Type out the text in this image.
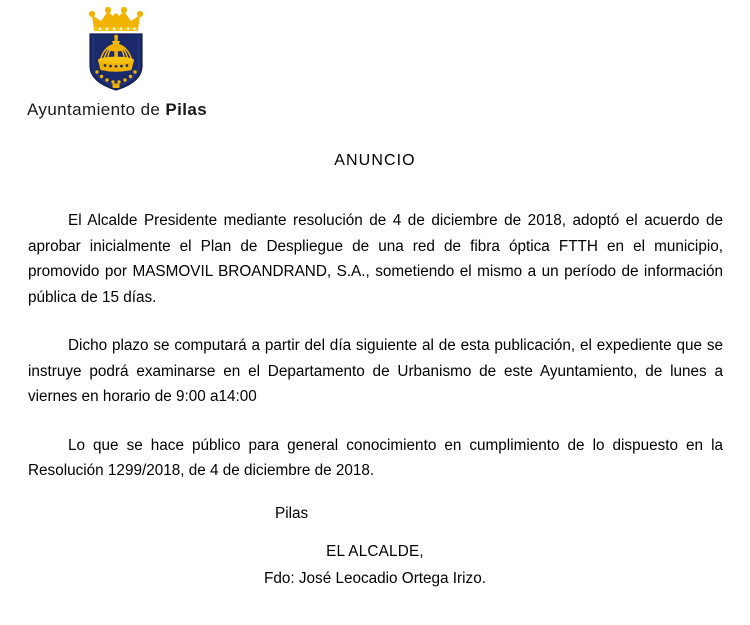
Ayuntamiento de Pilas
ANUNCIO

El Alcalde Presidente mediante resolución de 4 de diciembre de 2018, adoptó el acuerdo de aprobar inicialmente el Plan de Despliegue de una red de fibra óptica FTTH en el municipio, promovido por MASMOVIL BROANDRAND, S.A., sometiendo el mismo a un período de información pública de 15 días.

Dicho plazo se computará a partir del día siguiente al de esta publicación, el expediente que se instruye podrá examinarse en el Departamento de Urbanismo de este Ayuntamiento, de lunes a viernes en horario de 9:00 a14:00

Lo que se hace público para general conocimiento en cumplimiento de lo dispuesto en la Resolución 1299/2018, de 4 de diciembre de 2018.

Pilas
EL ALCALDE,
Fdo: José Leocadio Ortega Irizo.
